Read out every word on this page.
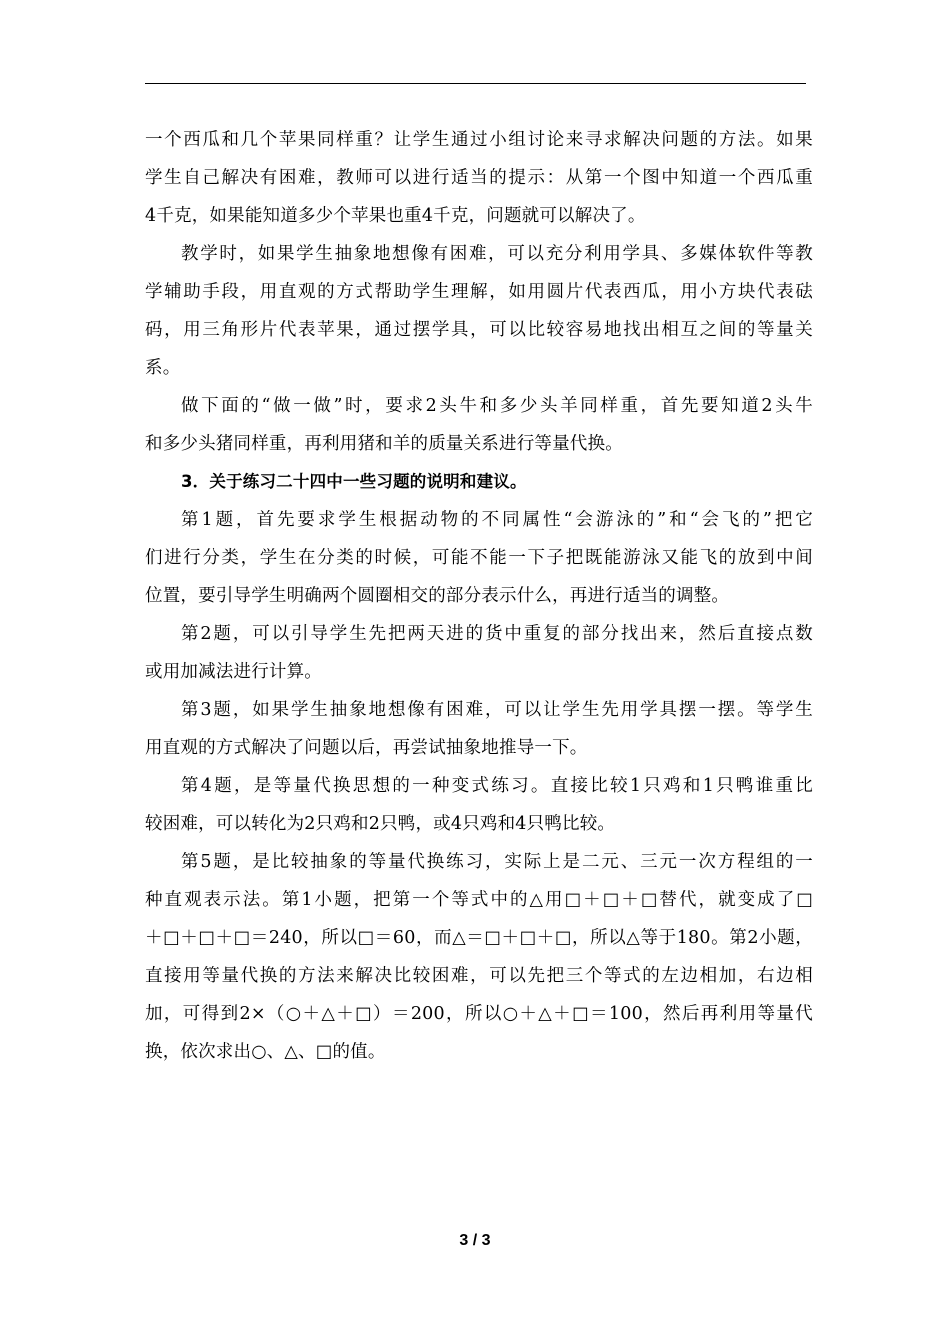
一个西瓜和几个苹果同样重？让学生通过小组讨论来寻求解决问题的方法。如果
学生自己解决有困难，教师可以进行适当的提示：从第一个图中知道一个西瓜重
4千克，如果能知道多少个苹果也重4千克，问题就可以解决了。
教学时，如果学生抽象地想像有困难，可以充分利用学具、多媒体软件等教
学辅助手段，用直观的方式帮助学生理解，如用圆片代表西瓜，用小方块代表砝
码，用三角形片代表苹果，通过摆学具，可以比较容易地找出相互之间的等量关
系。
做下面的“做一做”时，要求2头牛和多少头羊同样重，首先要知道2头牛
和多少头猪同样重，再利用猪和羊的质量关系进行等量代换。
3．关于练习二十四中一些习题的说明和建议。
第1题，首先要求学生根据动物的不同属性“会游泳的”和“会飞的”把它
们进行分类，学生在分类的时候，可能不能一下子把既能游泳又能飞的放到中间
位置，要引导学生明确两个圆圈相交的部分表示什么，再进行适当的调整。
第2题，可以引导学生先把两天进的货中重复的部分找出来，然后直接点数
或用加减法进行计算。
第3题，如果学生抽象地想像有困难，可以让学生先用学具摆一摆。等学生
用直观的方式解决了问题以后，再尝试抽象地推导一下。
第4题，是等量代换思想的一种变式练习。直接比较1只鸡和1只鸭谁重比
较困难，可以转化为2只鸡和2只鸭，或4只鸡和4只鸭比较。
第5题，是比较抽象的等量代换练习，实际上是二元、三元一次方程组的一
种直观表示法。第1小题，把第一个等式中的△用□＋□＋□替代，就变成了□
＋□＋□＋□＝240，所以□＝60，而△＝□＋□＋□，所以△等于180。第2小题，
直接用等量代换的方法来解决比较困难，可以先把三个等式的左边相加，右边相
加，可得到2×（○＋△＋□）＝200，所以○＋△＋□＝100，然后再利用等量代
换，依次求出○、△、□的值。
3 / 3
